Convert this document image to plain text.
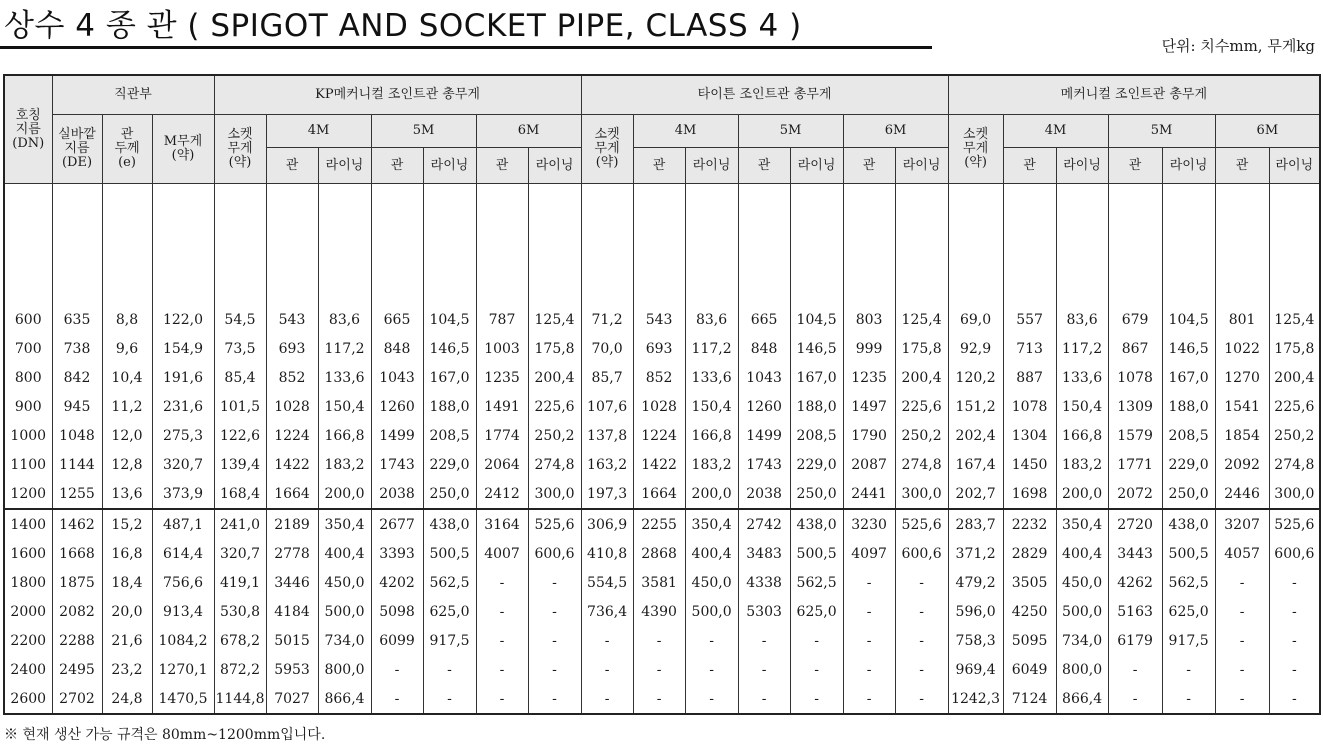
상수 4 종 관 ( SPIGOT AND SOCKET PIPE, CLASS 4 )
단위: 치수mm, 무게kg
호칭
지름
(DN)	직관부			KP메커니컬 조인트관 총무게							타이튼 조인트관 총무게							메커니컬 조인트관 총무게						
	실바깥
지름
(DE)	관
두께
(e)	M무게
(약)	소켓
무게
(약)	4M		5M		6M		소켓
무게
(약)	4M		5M		6M		소켓
무게
(약)	4M		5M		6M	
					관	라이닝	관	라이닝	관	라이닝		관	라이닝	관	라이닝	관	라이닝		관	라이닝	관	라이닝	관	라이닝

600	635	8,8	122,0	54,5	543	83,6	665	104,5	787	125,4	71,2	543	83,6	665	104,5	803	125,4	69,0	557	83,6	679	104,5	801	125,4
700	738	9,6	154,9	73,5	693	117,2	848	146,5	1003	175,8	70,0	693	117,2	848	146,5	999	175,8	92,9	713	117,2	867	146,5	1022	175,8
800	842	10,4	191,6	85,4	852	133,6	1043	167,0	1235	200,4	85,7	852	133,6	1043	167,0	1235	200,4	120,2	887	133,6	1078	167,0	1270	200,4
900	945	11,2	231,6	101,5	1028	150,4	1260	188,0	1491	225,6	107,6	1028	150,4	1260	188,0	1497	225,6	151,2	1078	150,4	1309	188,0	1541	225,6
1000	1048	12,0	275,3	122,6	1224	166,8	1499	208,5	1774	250,2	137,8	1224	166,8	1499	208,5	1790	250,2	202,4	1304	166,8	1579	208,5	1854	250,2
1100	1144	12,8	320,7	139,4	1422	183,2	1743	229,0	2064	274,8	163,2	1422	183,2	1743	229,0	2087	274,8	167,4	1450	183,2	1771	229,0	2092	274,8
1200	1255	13,6	373,9	168,4	1664	200,0	2038	250,0	2412	300,0	197,3	1664	200,0	2038	250,0	2441	300,0	202,7	1698	200,0	2072	250,0	2446	300,0
1400	1462	15,2	487,1	241,0	2189	350,4	2677	438,0	3164	525,6	306,9	2255	350,4	2742	438,0	3230	525,6	283,7	2232	350,4	2720	438,0	3207	525,6
1600	1668	16,8	614,4	320,7	2778	400,4	3393	500,5	4007	600,6	410,8	2868	400,4	3483	500,5	4097	600,6	371,2	2829	400,4	3443	500,5	4057	600,6
1800	1875	18,4	756,6	419,1	3446	450,0	4202	562,5	-	-	554,5	3581	450,0	4338	562,5	-	-	479,2	3505	450,0	4262	562,5	-	-
2000	2082	20,0	913,4	530,8	4184	500,0	5098	625,0	-	-	736,4	4390	500,0	5303	625,0	-	-	596,0	4250	500,0	5163	625,0	-	-
2200	2288	21,6	1084,2	678,2	5015	734,0	6099	917,5	-	-	-	-	-	-	-	-	-	758,3	5095	734,0	6179	917,5	-	-
2400	2495	23,2	1270,1	872,2	5953	800,0	-	-	-	-	-	-	-	-	-	-	-	969,4	6049	800,0	-	-	-	-
2600	2702	24,8	1470,5	1144,8	7027	866,4	-	-	-	-	-	-	-	-	-	-	-	1242,3	7124	866,4	-	-	-	-
※ 현재 생산 가능 규격은 80mm~1200mm입니다.
